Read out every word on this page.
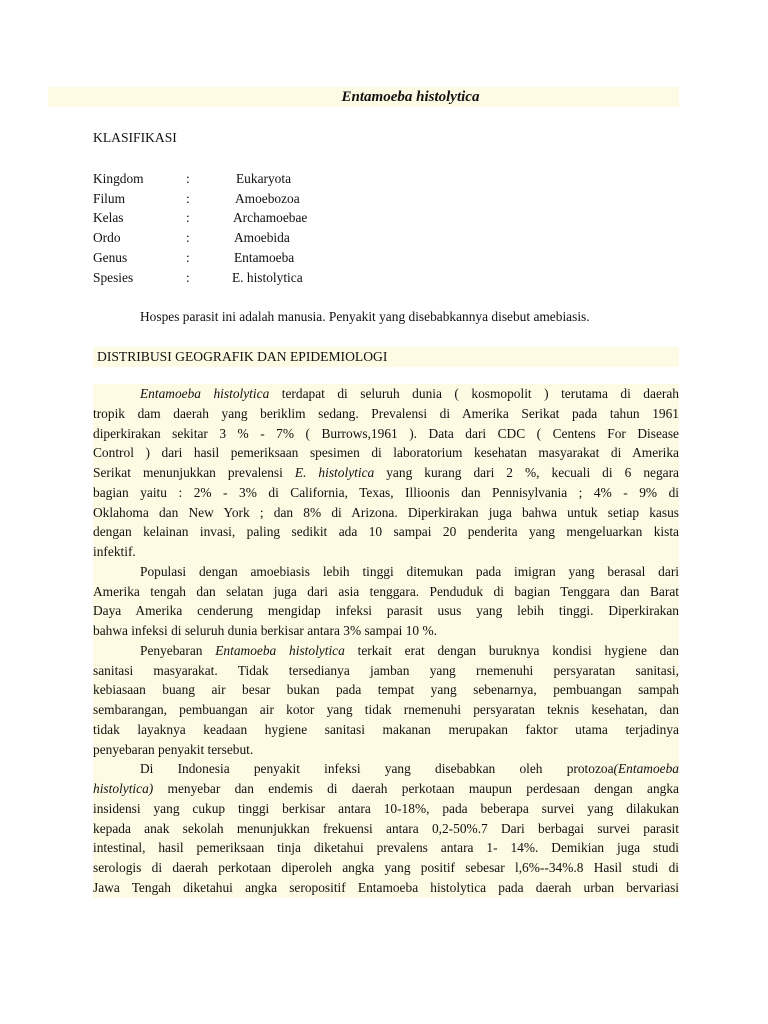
Entamoeba histolytica
KLASIFIKASI
Kingdom	:	Eukaryota
Filum	:	Amoebozoa
Kelas	:	Archamoebae
Ordo	:	Amoebida
Genus	:	Entamoeba
Spesies	:	E. histolytica
Hospes parasit ini adalah manusia. Penyakit yang disebabkannya disebut amebiasis.
DISTRIBUSI GEOGRAFIK DAN EPIDEMIOLOGI
Entamoeba histolytica terdapat di seluruh dunia ( kosmopolit ) terutama di daerah
tropik dam daerah yang beriklim sedang. Prevalensi di Amerika Serikat pada tahun 1961
diperkirakan sekitar 3 % - 7% ( Burrows,1961 ). Data dari CDC ( Centens For Disease
Control ) dari hasil pemeriksaan spesimen di laboratorium kesehatan masyarakat di Amerika
Serikat menunjukkan prevalensi E. histolytica yang kurang dari 2 %, kecuali di 6 negara
bagian yaitu : 2% - 3% di California, Texas, Illioonis dan Pennisylvania ; 4% - 9% di
Oklahoma dan New York ; dan 8% di Arizona. Diperkirakan juga bahwa untuk setiap kasus
dengan kelainan invasi, paling sedikit ada 10 sampai 20 penderita yang mengeluarkan kista
infektif.
Populasi dengan amoebiasis lebih tinggi ditemukan pada imigran yang berasal dari
Amerika tengah dan selatan juga dari asia tenggara. Penduduk di bagian Tenggara dan Barat
Daya Amerika cenderung mengidap infeksi parasit usus yang lebih tinggi. Diperkirakan
bahwa infeksi di seluruh dunia berkisar antara 3% sampai 10 %.
Penyebaran Entamoeba histolytica terkait erat dengan buruknya kondisi hygiene dan
sanitasi masyarakat. Tidak tersedianya jamban yang rnemenuhi persyaratan sanitasi,
kebiasaan buang air besar bukan pada tempat yang sebenarnya, pembuangan sampah
sembarangan, pembuangan air kotor yang tidak rnemenuhi persyaratan teknis kesehatan, dan
tidak layaknya keadaan hygiene sanitasi makanan merupakan faktor utama terjadinya
penyebaran penyakit tersebut.
Di Indonesia penyakit infeksi yang disebabkan oleh protozoa(Entamoeba
histolytica) menyebar dan endemis di daerah perkotaan maupun perdesaan dengan angka
insidensi yang cukup tinggi berkisar antara 10-18%, pada beberapa survei yang dilakukan
kepada anak sekolah menunjukkan frekuensi antara 0,2-50%.7 Dari berbagai survei parasit
intestinal, hasil pemeriksaan tinja diketahui prevalens antara 1- 14%. Demikian juga studi
serologis di daerah perkotaan diperoleh angka yang positif sebesar l,6%--34%.8 Hasil studi di
Jawa Tengah diketahui angka seropositif Entamoeba histolytica pada daerah urban bervariasi
